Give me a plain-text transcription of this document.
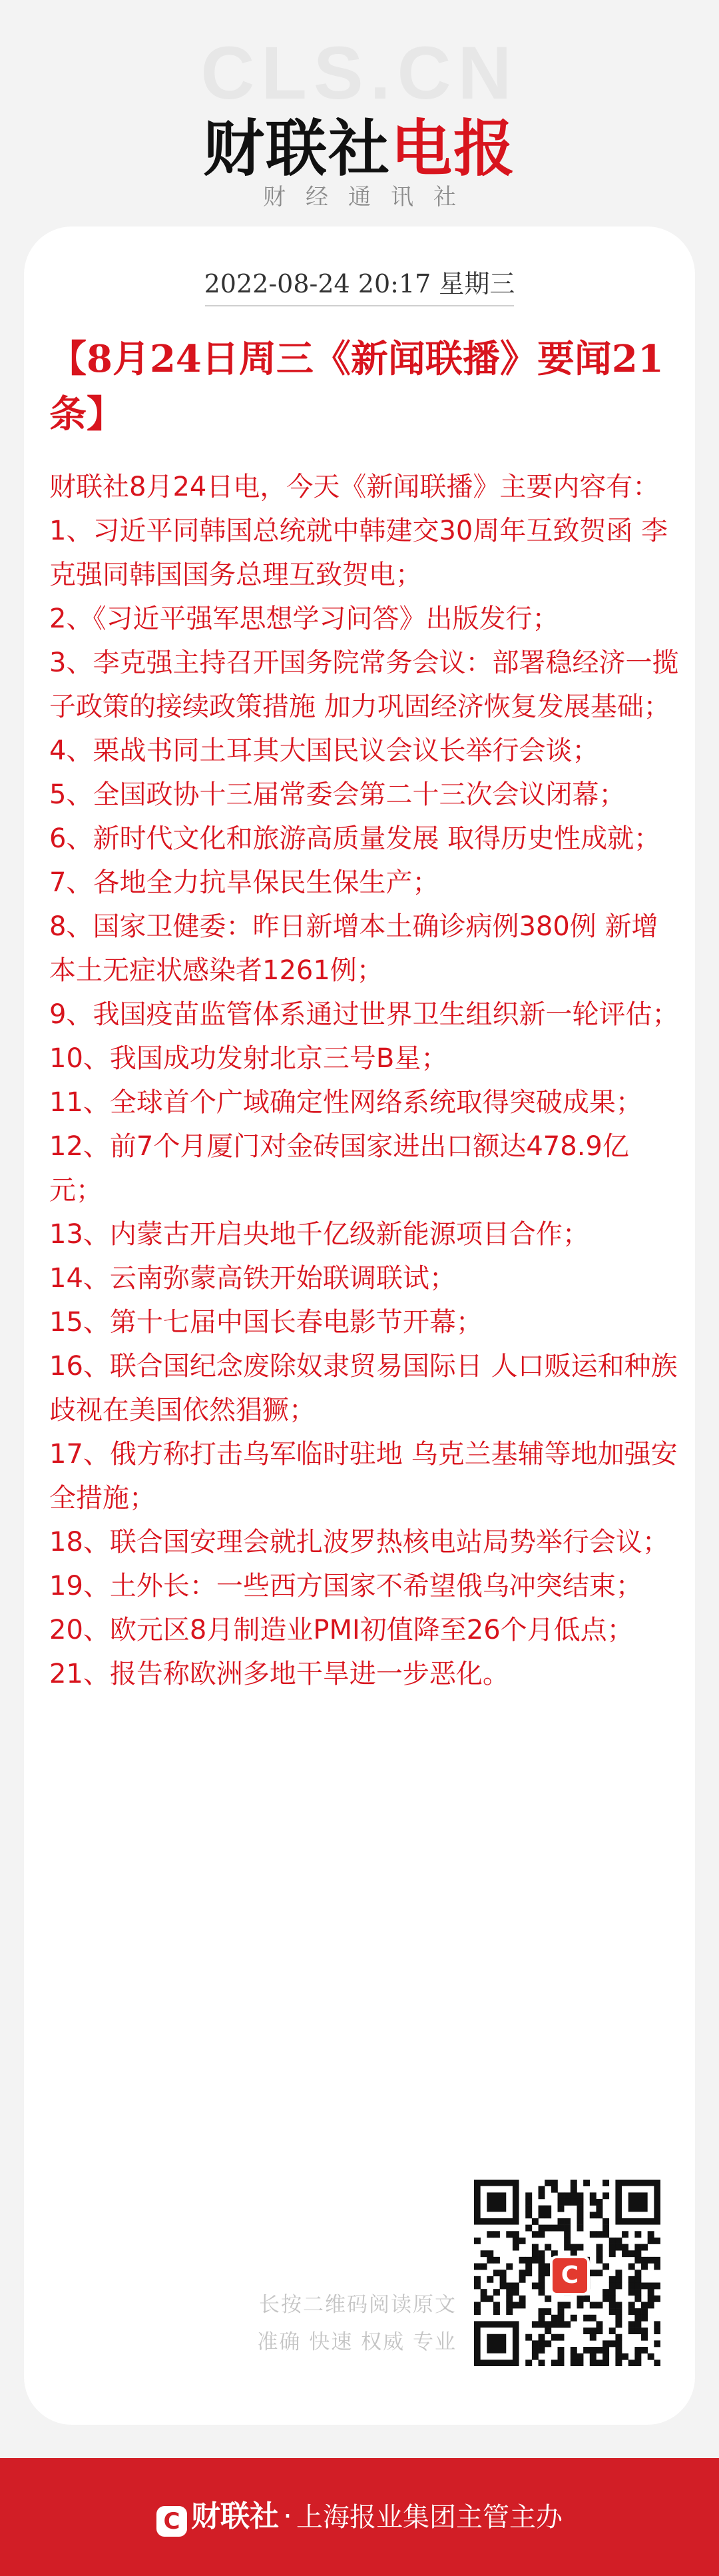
CLS.CN
财联社电报
财经通讯社
2022-08-24 20:17 星期三
【8月24日周三《新闻联播》要闻21条】

财联社8月24日电，今天《新闻联播》主要内容有：

1、习近平同韩国总统就中韩建交30周年互致贺函 李克强同韩国国务总理互致贺电；

2、《习近平强军思想学习问答》出版发行；

3、李克强主持召开国务院常务会议：部署稳经济一揽子政策的接续政策措施 加力巩固经济恢复发展基础；

4、栗战书同土耳其大国民议会议长举行会谈；

5、全国政协十三届常委会第二十三次会议闭幕；

6、新时代文化和旅游高质量发展 取得历史性成就；

7、各地全力抗旱保民生保生产；

8、国家卫健委：昨日新增本土确诊病例380例 新增本土无症状感染者1261例；

9、我国疫苗监管体系通过世界卫生组织新一轮评估；

10、我国成功发射北京三号B星；

11、全球首个广域确定性网络系统取得突破成果；

12、前7个月厦门对金砖国家进出口额达478.9亿元；

13、内蒙古开启央地千亿级新能源项目合作；

14、云南弥蒙高铁开始联调联试；

15、第十七届中国长春电影节开幕；

16、联合国纪念废除奴隶贸易国际日 人口贩运和种族歧视在美国依然猖獗；

17、俄方称打击乌军临时驻地 乌克兰基辅等地加强安全措施；

18、联合国安理会就扎波罗热核电站局势举行会议；

19、土外长：一些西方国家不希望俄乌冲突结束；

20、欧元区8月制造业PMI初值降至26个月低点；

21、报告称欧洲多地干旱进一步恶化。

长按二维码阅读原文
准确 快速 权威 专业
C
C 财联社 · 上海报业集团主管主办
